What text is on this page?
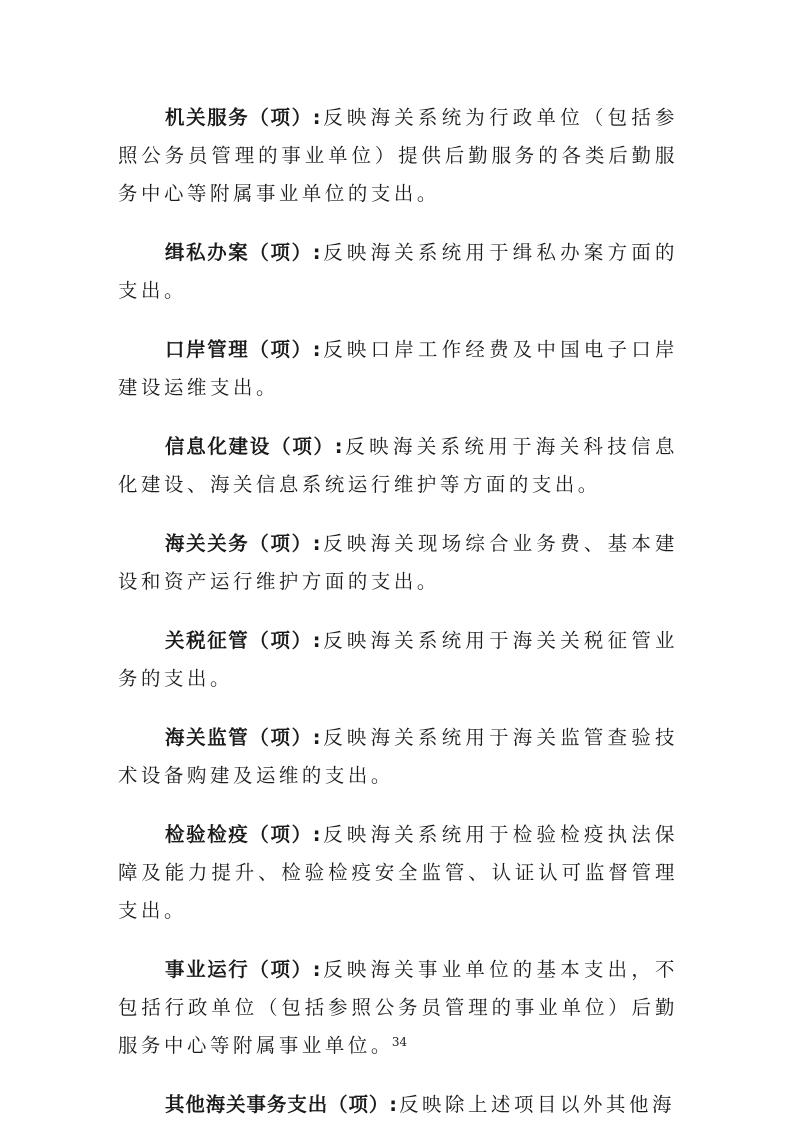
机关服务（项）:反映海关系统为行政单位（包括参照公务员管理的事业单位）提供后勤服务的各类后勤服务中心等附属事业单位的支出。

缉私办案（项）:反映海关系统用于缉私办案方面的支出。

口岸管理（项）:反映口岸工作经费及中国电子口岸建设运维支出。

信息化建设（项）:反映海关系统用于海关科技信息化建设、海关信息系统运行维护等方面的支出。

海关关务（项）:反映海关现场综合业务费、基本建设和资产运行维护方面的支出。

关税征管（项）:反映海关系统用于海关关税征管业务的支出。

海关监管（项）:反映海关系统用于海关监管查验技术设备购建及运维的支出。

检验检疫（项）:反映海关系统用于检验检疫执法保障及能力提升、检验检疫安全监管、认证认可监督管理支出。

事业运行（项）:反映海关事业单位的基本支出，不包括行政单位（包括参照公务员管理的事业单位）后勤服务中心等附属事业单位。

其他海关事务支出（项）:反映除上述项目以外其他海

34
